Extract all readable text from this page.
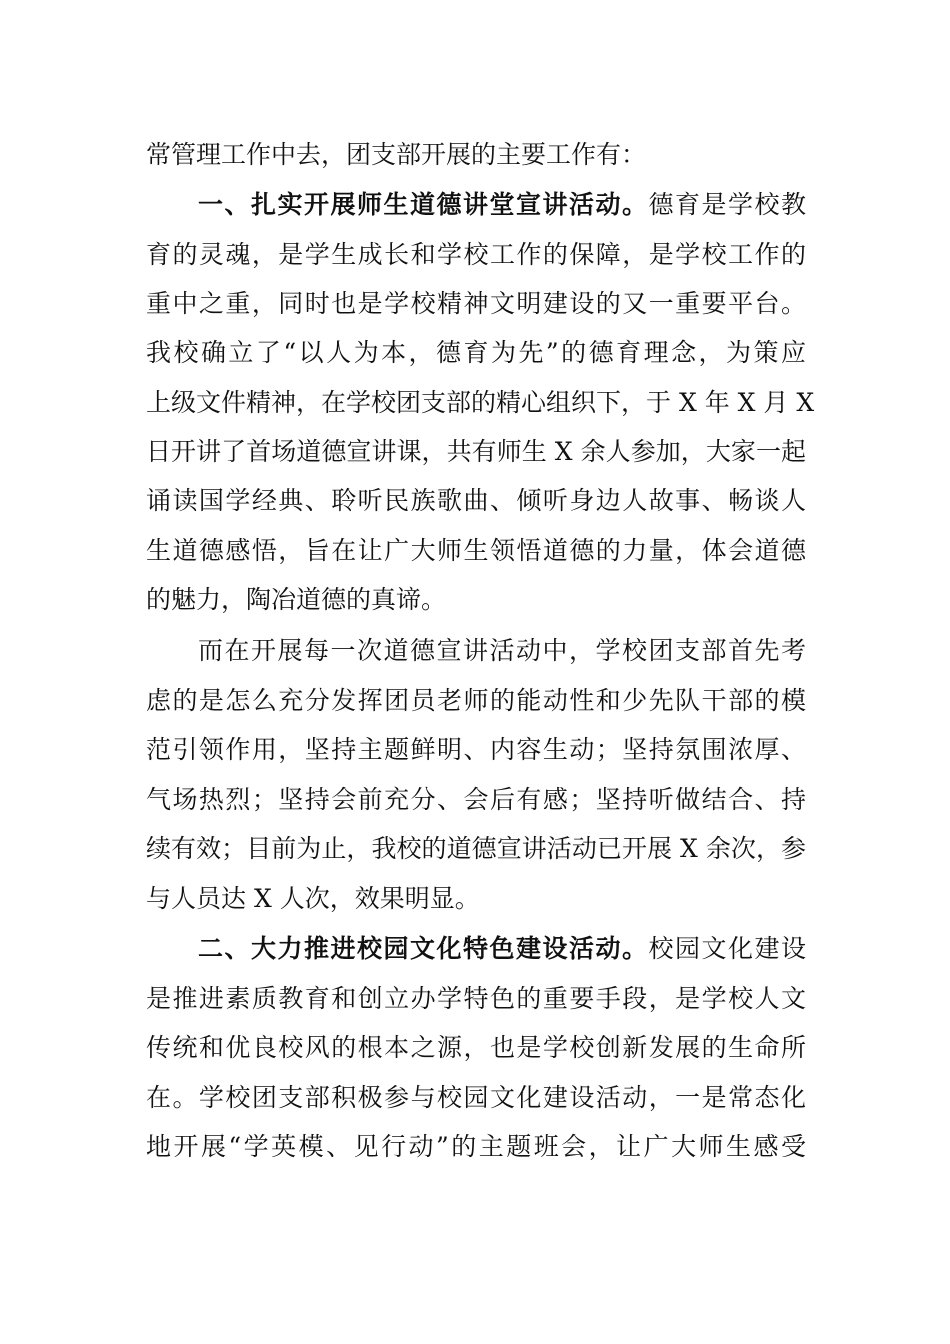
常管理工作中去，团支部开展的主要工作有：
一、扎实开展师生道德讲堂宣讲活动。德育是学校教
育的灵魂，是学生成长和学校工作的保障，是学校工作的
重中之重，同时也是学校精神文明建设的又一重要平台。
我校确立了“以人为本，德育为先”的德育理念，为策应
上级文件精神，在学校团支部的精心组织下，于 X 年 X 月 X
日开讲了首场道德宣讲课，共有师生 X 余人参加，大家一起
诵读国学经典、聆听民族歌曲、倾听身边人故事、畅谈人
生道德感悟，旨在让广大师生领悟道德的力量，体会道德
的魅力，陶冶道德的真谛。
而在开展每一次道德宣讲活动中，学校团支部首先考
虑的是怎么充分发挥团员老师的能动性和少先队干部的模
范引领作用，坚持主题鲜明、内容生动；坚持氛围浓厚、
气场热烈；坚持会前充分、会后有感；坚持听做结合、持
续有效；目前为止，我校的道德宣讲活动已开展 X 余次，参
与人员达 X 人次，效果明显。
二、大力推进校园文化特色建设活动。校园文化建设
是推进素质教育和创立办学特色的重要手段，是学校人文
传统和优良校风的根本之源，也是学校创新发展的生命所
在。学校团支部积极参与校园文化建设活动，一是常态化
地开展“学英模、见行动”的主题班会，让广大师生感受
